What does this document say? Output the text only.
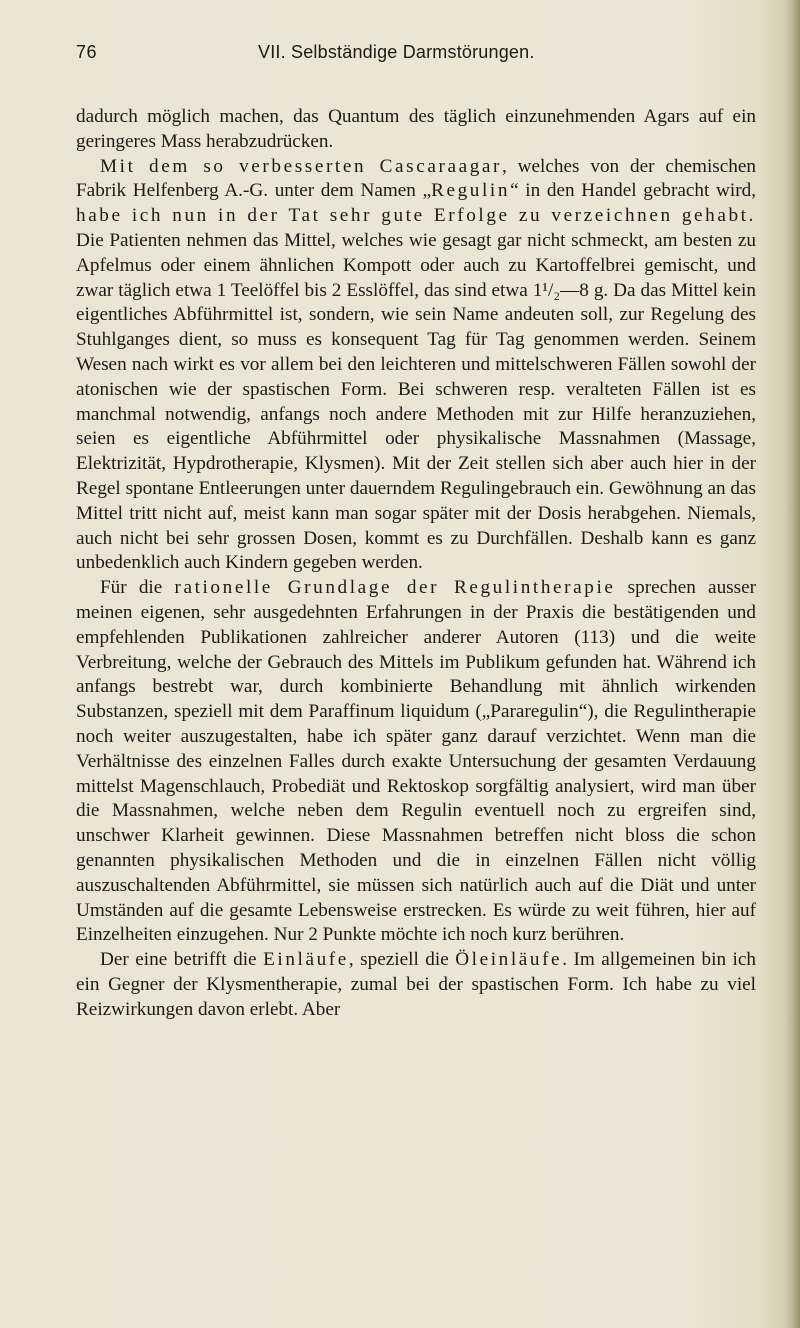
76	VII. Selbständige Darmstörungen.

dadurch möglich machen, das Quantum des täglich einzunehmenden Agars auf ein geringeres Mass herabzudrücken.

Mit dem so verbesserten Cascaraagar, welches von der chemischen Fabrik Helfenberg A.-G. unter dem Namen „Regulin“ in den Handel gebracht wird, habe ich nun in der Tat sehr gute Erfolge zu verzeichnen gehabt. Die Patienten nehmen das Mittel, welches wie gesagt gar nicht schmeckt, am besten zu Apfelmus oder einem ähnlichen Kompott oder auch zu Kartoffelbrei gemischt, und zwar täglich etwa 1 Teelöffel bis 2 Esslöffel, das sind etwa 1¹/₂—8 g. Da das Mittel kein eigentliches Abführmittel ist, sondern, wie sein Name andeuten soll, zur Regelung des Stuhlganges dient, so muss es konsequent Tag für Tag genommen werden. Seinem Wesen nach wirkt es vor allem bei den leichteren und mittelschweren Fällen sowohl der atonischen wie der spastischen Form. Bei schweren resp. veralteten Fällen ist es manchmal notwendig, anfangs noch andere Methoden mit zur Hilfe heranzuziehen, seien es eigentliche Abführmittel oder physikalische Massnahmen (Massage, Elektrizität, Hypdrotherapie, Klysmen). Mit der Zeit stellen sich aber auch hier in der Regel spontane Entleerungen unter dauerndem Regulingebrauch ein. Gewöhnung an das Mittel tritt nicht auf, meist kann man sogar später mit der Dosis herabgehen. Niemals, auch nicht bei sehr grossen Dosen, kommt es zu Durchfällen. Deshalb kann es ganz unbedenklich auch Kindern gegeben werden.

Für die rationelle Grundlage der Regulintherapie sprechen ausser meinen eigenen, sehr ausgedehnten Erfahrungen in der Praxis die bestätigenden und empfehlenden Publikationen zahlreicher anderer Autoren (113) und die weite Verbreitung, welche der Gebrauch des Mittels im Publikum gefunden hat. Während ich anfangs bestrebt war, durch kombinierte Behandlung mit ähnlich wirkenden Substanzen, speziell mit dem Paraffinum liquidum („Pararegulin“), die Regulintherapie noch weiter auszugestalten, habe ich später ganz darauf verzichtet. Wenn man die Verhältnisse des einzelnen Falles durch exakte Untersuchung der gesamten Verdauung mittelst Magenschlauch, Probediät und Rektoskop sorgfältig analysiert, wird man über die Massnahmen, welche neben dem Regulin eventuell noch zu ergreifen sind, unschwer Klarheit gewinnen. Diese Massnahmen betreffen nicht bloss die schon genannten physikalischen Methoden und die in einzelnen Fällen nicht völlig auszuschaltenden Abführmittel, sie müssen sich natürlich auch auf die Diät und unter Umständen auf die gesamte Lebensweise erstrecken. Es würde zu weit führen, hier auf Einzelheiten einzugehen. Nur 2 Punkte möchte ich noch kurz berühren.

Der eine betrifft die Einläufe, speziell die Öleinläufe. Im allgemeinen bin ich ein Gegner der Klysmentherapie, zumal bei der spastischen Form. Ich habe zu viel Reizwirkungen davon erlebt. Aber
